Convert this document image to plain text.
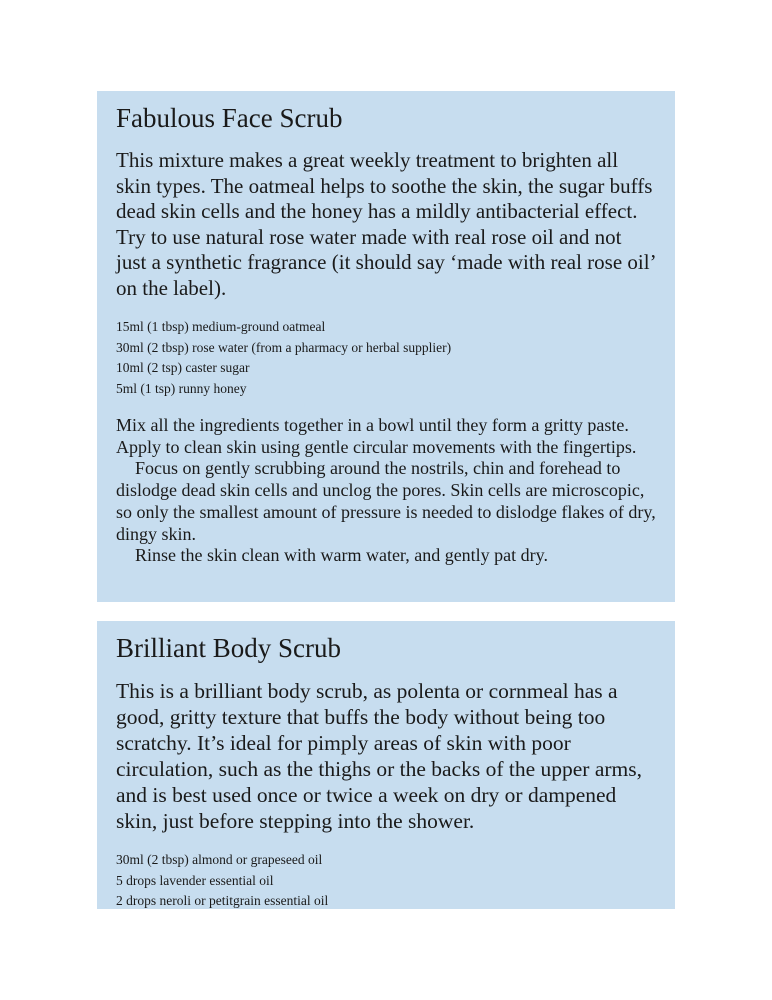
Fabulous Face Scrub

This mixture makes a great weekly treatment to brighten all skin types. The oatmeal helps to soothe the skin, the sugar buffs dead skin cells and the honey has a mildly antibacterial effect. Try to use natural rose water made with real rose oil and not just a synthetic fragrance (it should say ‘made with real rose oil’ on the label).

15ml (1 tbsp) medium-ground oatmeal
30ml (2 tbsp) rose water (from a pharmacy or herbal supplier)
10ml (2 tsp) caster sugar
5ml (1 tsp) runny honey

Mix all the ingredients together in a bowl until they form a gritty paste. Apply to clean skin using gentle circular movements with the fingertips.

Focus on gently scrubbing around the nostrils, chin and forehead to dislodge dead skin cells and unclog the pores. Skin cells are microscopic, so only the smallest amount of pressure is needed to dislodge flakes of dry, dingy skin.

Rinse the skin clean with warm water, and gently pat dry.

Brilliant Body Scrub

This is a brilliant body scrub, as polenta or cornmeal has a good, gritty texture that buffs the body without being too scratchy. It’s ideal for pimply areas of skin with poor circulation, such as the thighs or the backs of the upper arms, and is best used once or twice a week on dry or dampened skin, just before stepping into the shower.

30ml (2 tbsp) almond or grapeseed oil
5 drops lavender essential oil
2 drops neroli or petitgrain essential oil
